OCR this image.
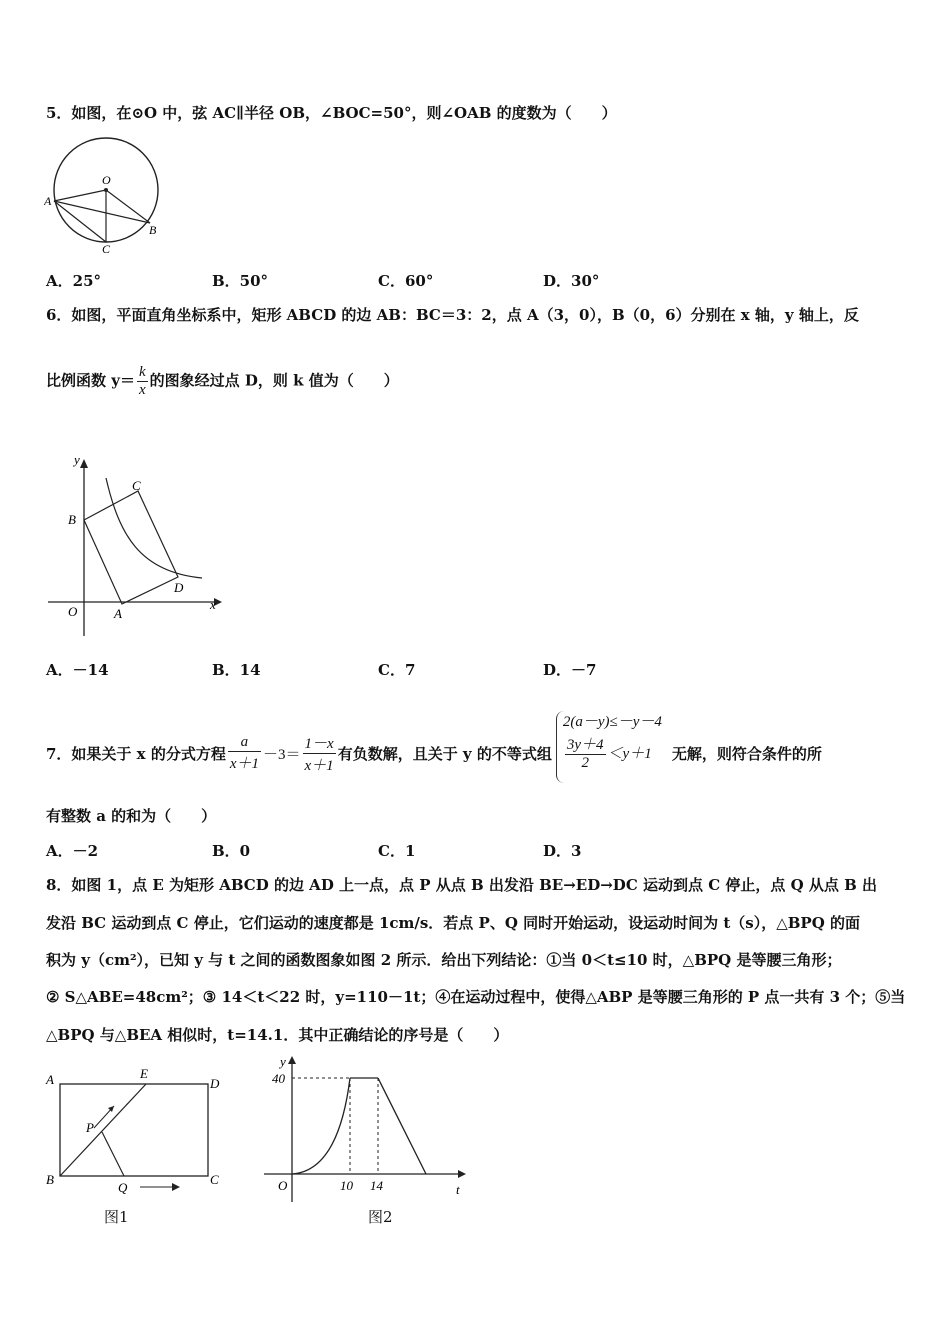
5．如图，在⊙O 中，弦 AC∥半径 OB，∠BOC=50°，则∠OAB 的度数为（　　）
O
A
B
C
A．25°	B．50°	C．60°	D．30°
6．如图，平面直角坐标系中，矩形 ABCD 的边 AB：BC＝3：2，点 A（3，0），B（0，6）分别在 x 轴，y 轴上，反
比例函数 $y= \frac{k}{x}$ 的图象经过点 D，则 k 值为（　　）
y
x
O	A
B
C
D
A．－14	B．14	C．7	D．－7
7．如果关于 x 的分式方程 $\frac{a}{x+1} -3= \frac{1-x}{x+1}$ 有负数解，且关于 y 的不等式组
2(a－y)≤－y－4
$\frac{3y+4}{2} <y+1$ 无解，则符合条件的所
有整数 a 的和为（　　）
A．－2	B．0	C．1	D．3
8．如图 1，点 E 为矩形 ABCD 的边 AD 上一点，点 P 从点 B 出发沿 BE→ED→DC 运动到点 C 停止，点 Q 从点 B 出
发沿 BC 运动到点 C 停止，它们运动的速度都是 1cm/s．若点 P、Q 同时开始运动，设运动时间为 t（s），△BPQ 的面
积为 y（cm²），已知 y 与 t 之间的函数图象如图 2 所示．给出下列结论：①当 0＜t≤10 时，△BPQ 是等腰三角形；
② S△ABE=48cm²；③ 14＜t＜22 时，y=110－1t；④在运动过程中，使得△ABP 是等腰三角形的 P 点一共有 3 个；⑤当
△BPQ 与△BEA 相似时，t=14.1．其中正确结论的序号是（　　）
A	E
D
P
B
Q
C
图1
y
40
O	10 14	t
图2
